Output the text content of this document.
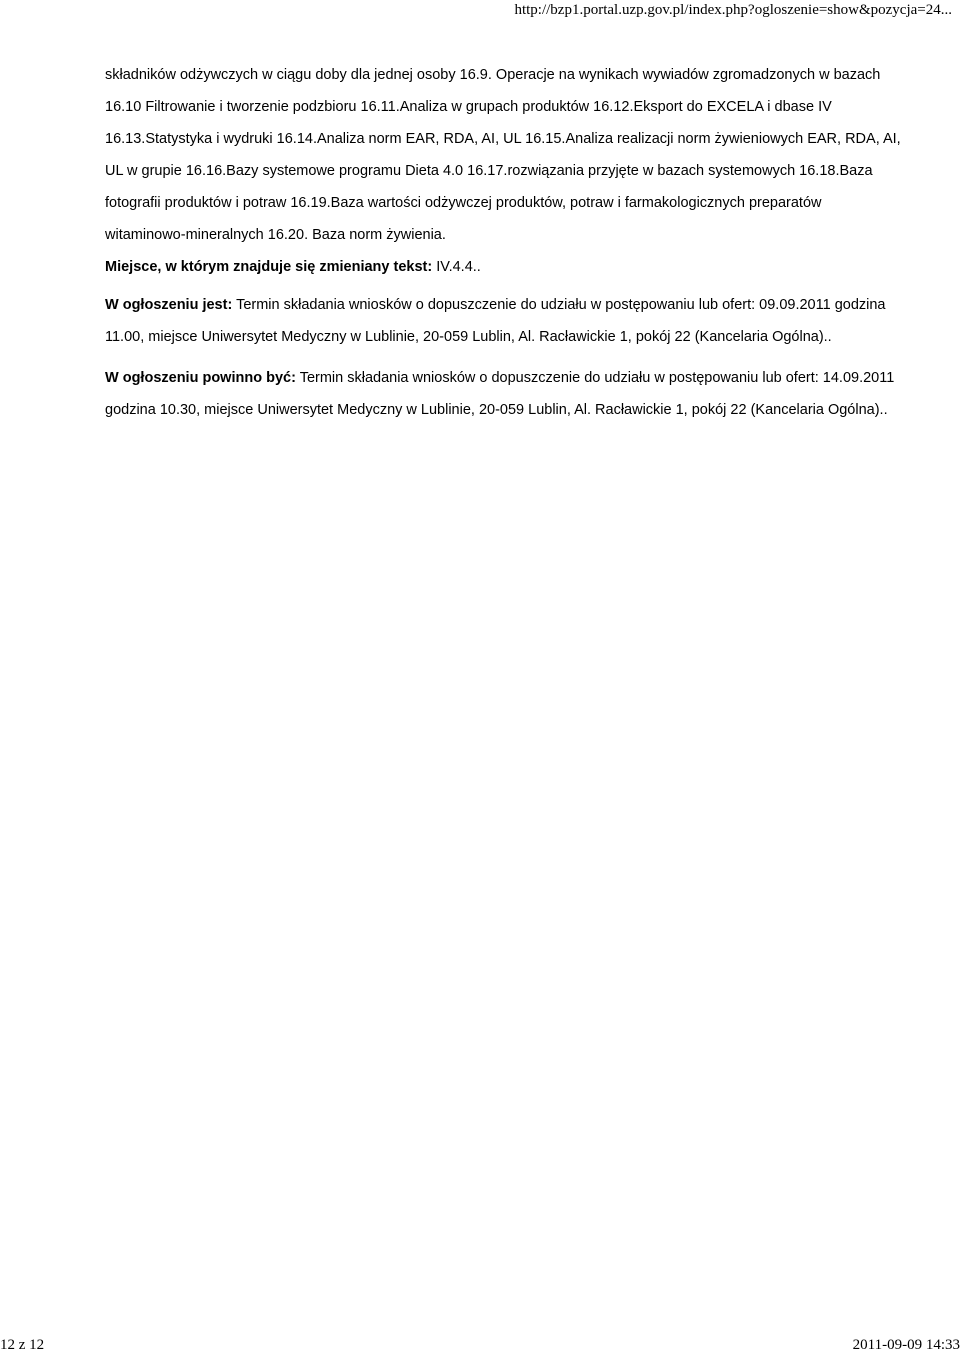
http://bzp1.portal.uzp.gov.pl/index.php?ogloszenie=show&pozycja=24...

składników odżywczych w ciągu doby dla jednej osoby 16.9. Operacje na wynikach wywiadów zgromadzonych w bazach 16.10 Filtrowanie i tworzenie podzbioru 16.11.Analiza w grupach produktów 16.12.Eksport do EXCELA i dbase IV 16.13.Statystyka i wydruki 16.14.Analiza norm EAR, RDA, AI, UL 16.15.Analiza realizacji norm żywieniowych EAR, RDA, AI, UL w grupie 16.16.Bazy systemowe programu Dieta 4.0 16.17.rozwiązania przyjęte w bazach systemowych 16.18.Baza fotografii produktów i potraw 16.19.Baza wartości odżywczej produktów, potraw i farmakologicznych preparatów witaminowo-mineralnych 16.20. Baza norm żywienia.

Miejsce, w którym znajduje się zmieniany tekst: IV.4.4..

W ogłoszeniu jest: Termin składania wniosków o dopuszczenie do udziału w postępowaniu lub ofert: 09.09.2011 godzina 11.00, miejsce Uniwersytet Medyczny w Lublinie, 20-059 Lublin, Al. Racławickie 1, pokój 22 (Kancelaria Ogólna)..

W ogłoszeniu powinno być: Termin składania wniosków o dopuszczenie do udziału w postępowaniu lub ofert: 14.09.2011 godzina 10.30, miejsce Uniwersytet Medyczny w Lublinie, 20-059 Lublin, Al. Racławickie 1, pokój 22 (Kancelaria Ogólna)..

12 z 12	2011-09-09 14:33
